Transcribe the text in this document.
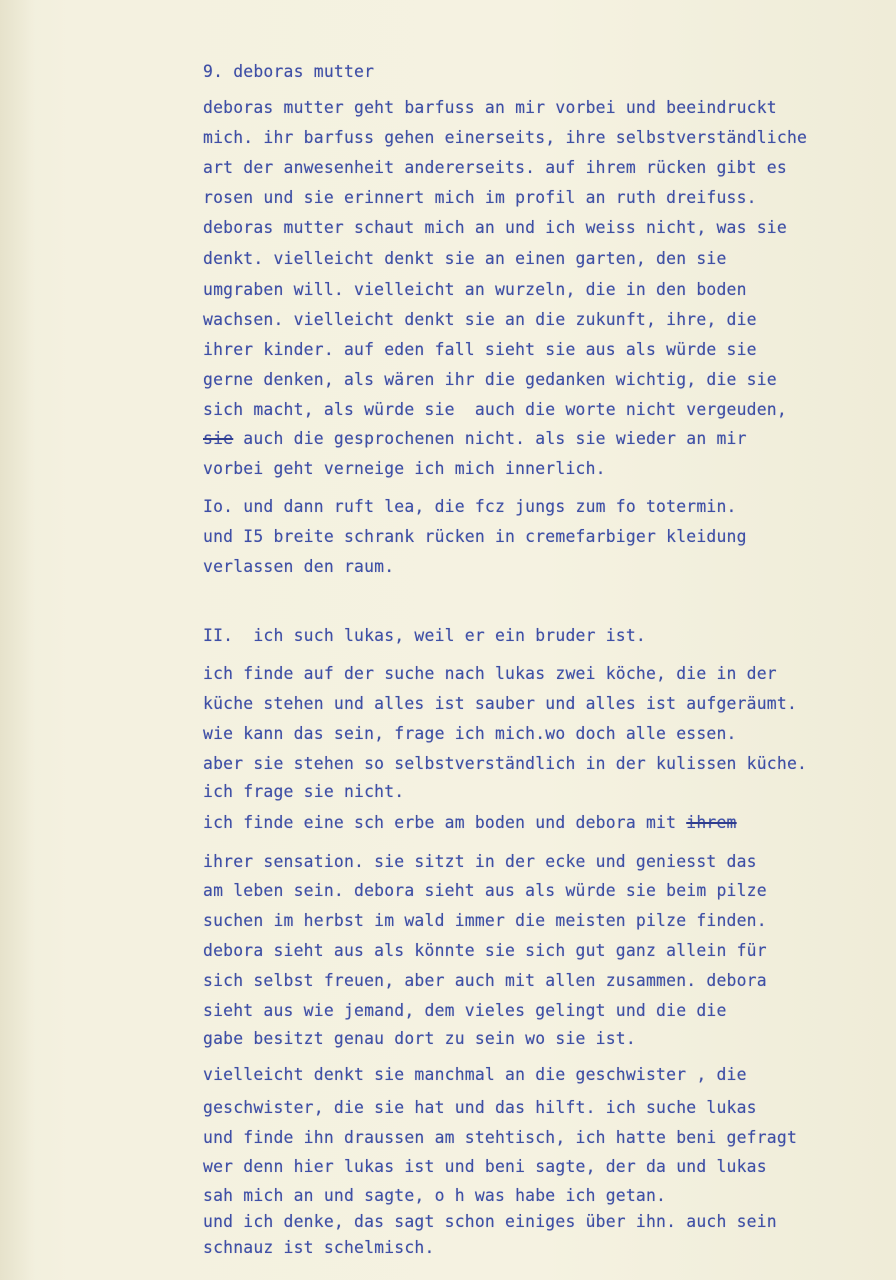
9. deboras mutter
deboras mutter geht barfuss an mir vorbei und beeindruckt
mich. ihr barfuss gehen einerseits, ihre selbstverständliche
art der anwesenheit andererseits. auf ihrem rücken gibt es
rosen und sie erinnert mich im profil an ruth dreifuss.
deboras mutter schaut mich an und ich weiss nicht, was sie
denkt. vielleicht denkt sie an einen garten, den sie
umgraben will. vielleicht an wurzeln, die in den boden
wachsen. vielleicht denkt sie an die zukunft, ihre, die
ihrer kinder. auf eden fall sieht sie aus als würde sie
gerne denken, als wären ihr die gedanken wichtig, die sie
sich macht, als würde sie  auch die worte nicht vergeuden,
sie auch die gesprochenen nicht. als sie wieder an mir
vorbei geht verneige ich mich innerlich.
Io. und dann ruft lea, die fcz jungs zum fo totermin.
und I5 breite schrank rücken in cremefarbiger kleidung
verlassen den raum.
II.  ich such lukas, weil er ein bruder ist.
ich finde auf der suche nach lukas zwei köche, die in der
küche stehen und alles ist sauber und alles ist aufgeräumt.
wie kann das sein, frage ich mich.wo doch alle essen.
aber sie stehen so selbstverständlich in der kulissen küche.
ich frage sie nicht.
ich finde eine sch erbe am boden und debora mit ihrem
ihrer sensation. sie sitzt in der ecke und geniesst das
am leben sein. debora sieht aus als würde sie beim pilze
suchen im herbst im wald immer die meisten pilze finden.
debora sieht aus als könnte sie sich gut ganz allein für
sich selbst freuen, aber auch mit allen zusammen. debora
sieht aus wie jemand, dem vieles gelingt und die die
gabe besitzt genau dort zu sein wo sie ist.
vielleicht denkt sie manchmal an die geschwister , die
geschwister, die sie hat und das hilft. ich suche lukas
und finde ihn draussen am stehtisch, ich hatte beni gefragt
wer denn hier lukas ist und beni sagte, der da und lukas
sah mich an und sagte, o h was habe ich getan.
und ich denke, das sagt schon einiges über ihn. auch sein
schnauz ist schelmisch.
